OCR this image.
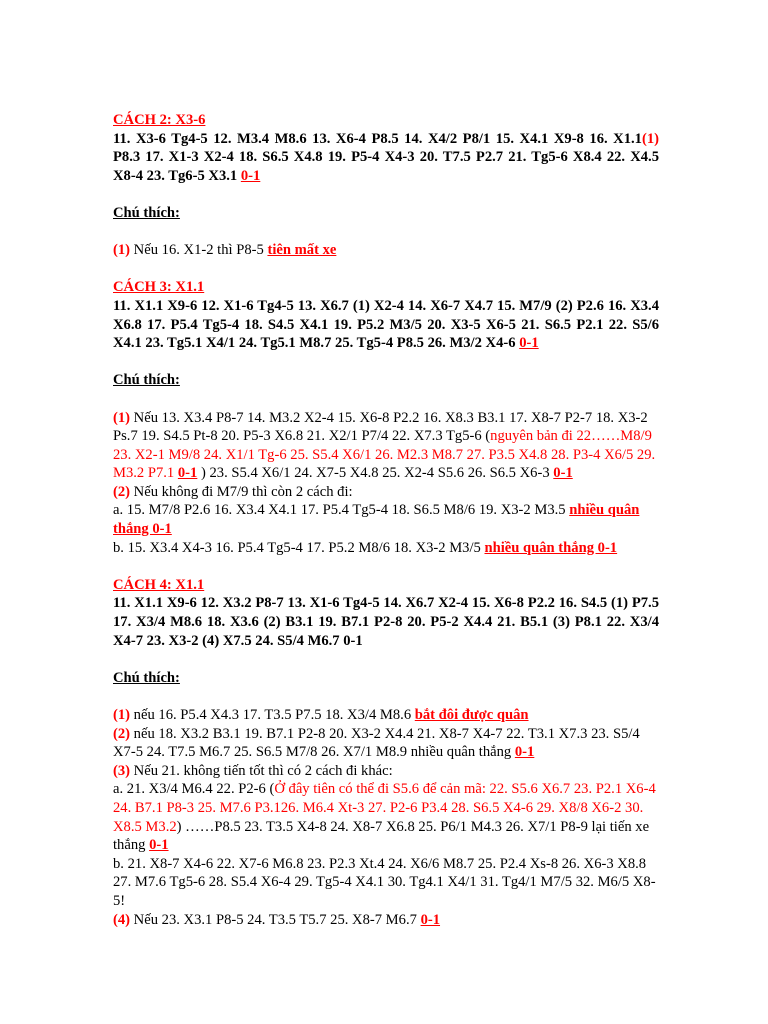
CÁCH 2: X3-6

11. X3-6 Tg4-5 12. M3.4 M8.6 13. X6-4 P8.5 14. X4/2 P8/1 15. X4.1 X9-8 16. X1.1(1) P8.3 17. X1-3 X2-4 18. S6.5 X4.8 19. P5-4 X4-3 20. T7.5 P2.7 21. Tg5-6 X8.4 22. X4.5 X8-4 23. Tg6-5 X3.1 0-1

Chú thích:

(1) Nếu 16. X1-2 thì P8-5 tiên mất xe

CÁCH 3: X1.1

11. X1.1 X9-6 12. X1-6 Tg4-5 13. X6.7 (1) X2-4 14. X6-7 X4.7 15. M7/9 (2) P2.6 16. X3.4 X6.8 17. P5.4 Tg5-4 18. S4.5 X4.1 19. P5.2 M3/5 20. X3-5 X6-5 21. S6.5 P2.1 22. S5/6 X4.1 23. Tg5.1 X4/1 24. Tg5.1 M8.7 25. Tg5-4 P8.5 26. M3/2 X4-6 0-1

Chú thích:

(1) Nếu 13. X3.4 P8-7 14. M3.2 X2-4 15. X6-8 P2.2 16. X8.3 B3.1 17. X8-7 P2-7 18. X3-2 Ps.7 19. S4.5 Pt-8 20. P5-3 X6.8 21. X2/1 P7/4 22. X7.3 Tg5-6 (nguyên bản đi 22……M8/9 23. X2-1 M9/8 24. X1/1 Tg-6 25. S5.4 X6/1 26. M2.3 M8.7 27. P3.5 X4.8 28. P3-4 X6/5 29. M3.2 P7.1 0-1 ) 23. S5.4 X6/1 24. X7-5 X4.8 25. X2-4 S5.6 26. S6.5 X6-3 0-1

(2) Nếu không đi M7/9 thì còn 2 cách đi:

a. 15. M7/8 P2.6 16. X3.4 X4.1 17. P5.4 Tg5-4 18. S6.5 M8/6 19. X3-2 M3.5 nhiều quân thắng 0-1

b. 15. X3.4 X4-3 16. P5.4 Tg5-4 17. P5.2 M8/6 18. X3-2 M3/5 nhiều quân thắng 0-1

CÁCH 4: X1.1

11. X1.1 X9-6 12. X3.2 P8-7 13. X1-6 Tg4-5 14. X6.7 X2-4 15. X6-8 P2.2 16. S4.5 (1) P7.5 17. X3/4 M8.6 18. X3.6 (2) B3.1 19. B7.1 P2-8 20. P5-2 X4.4 21. B5.1 (3) P8.1 22. X3/4 X4-7 23. X3-2 (4) X7.5 24. S5/4 M6.7 0-1

Chú thích:

(1) nếu 16. P5.4 X4.3 17. T3.5 P7.5 18. X3/4 M8.6 bắt đôi được quân

(2) nếu 18. X3.2 B3.1 19. B7.1 P2-8 20. X3-2 X4.4 21. X8-7 X4-7 22. T3.1 X7.3 23. S5/4 X7-5 24. T7.5 M6.7 25. S6.5 M7/8 26. X7/1 M8.9 nhiều quân thắng 0-1

(3) Nếu 21. không tiến tốt thì có 2 cách đi khác:

a. 21. X3/4 M6.4 22. P2-6 (Ở đây tiên có thể đi S5.6 để cản mã: 22. S5.6 X6.7 23. P2.1 X6-4 24. B7.1 P8-3 25. M7.6 P3.126. M6.4 Xt-3 27. P2-6 P3.4 28. S6.5 X4-6 29. X8/8 X6-2 30. X8.5 M3.2) ……P8.5 23. T3.5 X4-8 24. X8-7 X6.8 25. P6/1 M4.3 26. X7/1 P8-9 lại tiến xe thắng 0-1

b. 21. X8-7 X4-6 22. X7-6 M6.8 23. P2.3 Xt.4 24. X6/6 M8.7 25. P2.4 Xs-8 26. X6-3 X8.8 27. M7.6 Tg5-6 28. S5.4 X6-4 29. Tg5-4 X4.1 30. Tg4.1 X4/1 31. Tg4/1 M7/5 32. M6/5 X8-5!

(4) Nếu 23. X3.1 P8-5 24. T3.5 T5.7 25. X8-7 M6.7 0-1
